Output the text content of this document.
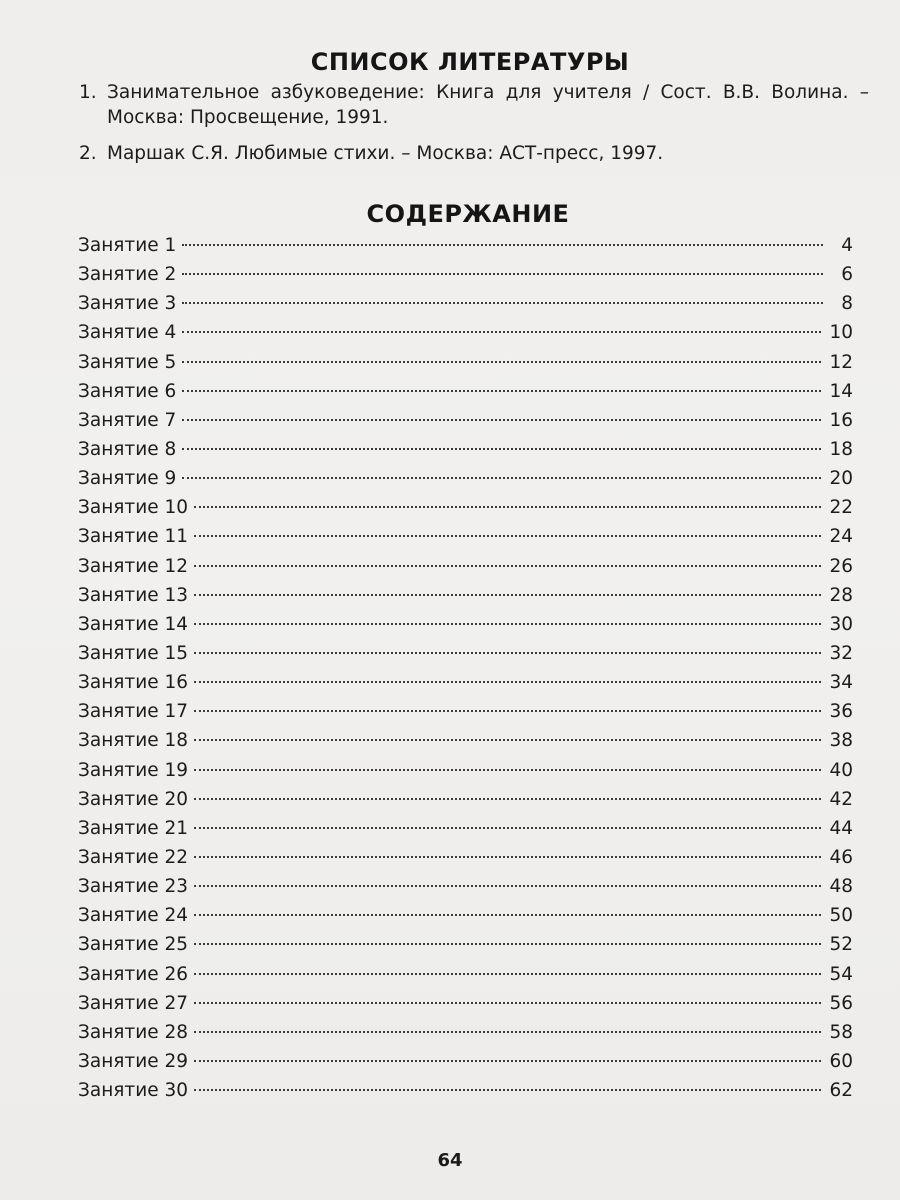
СПИСОК ЛИТЕРАТУРЫ
1. Занимательное азбуковедение: Книга для учителя / Сост. В.В. Волина. – Москва: Просвещение, 1991.
2. Маршак С.Я. Любимые стихи. – Москва: АСТ-пресс, 1997.
СОДЕРЖАНИЕ
Занятие 1	4
Занятие 2	6
Занятие 3	8
Занятие 4	10
Занятие 5	12
Занятие 6	14
Занятие 7	16
Занятие 8	18
Занятие 9	20
Занятие 10	22
Занятие 11	24
Занятие 12	26
Занятие 13	28
Занятие 14	30
Занятие 15	32
Занятие 16	34
Занятие 17	36
Занятие 18	38
Занятие 19	40
Занятие 20	42
Занятие 21	44
Занятие 22	46
Занятие 23	48
Занятие 24	50
Занятие 25	52
Занятие 26	54
Занятие 27	56
Занятие 28	58
Занятие 29	60
Занятие 30	62
64
